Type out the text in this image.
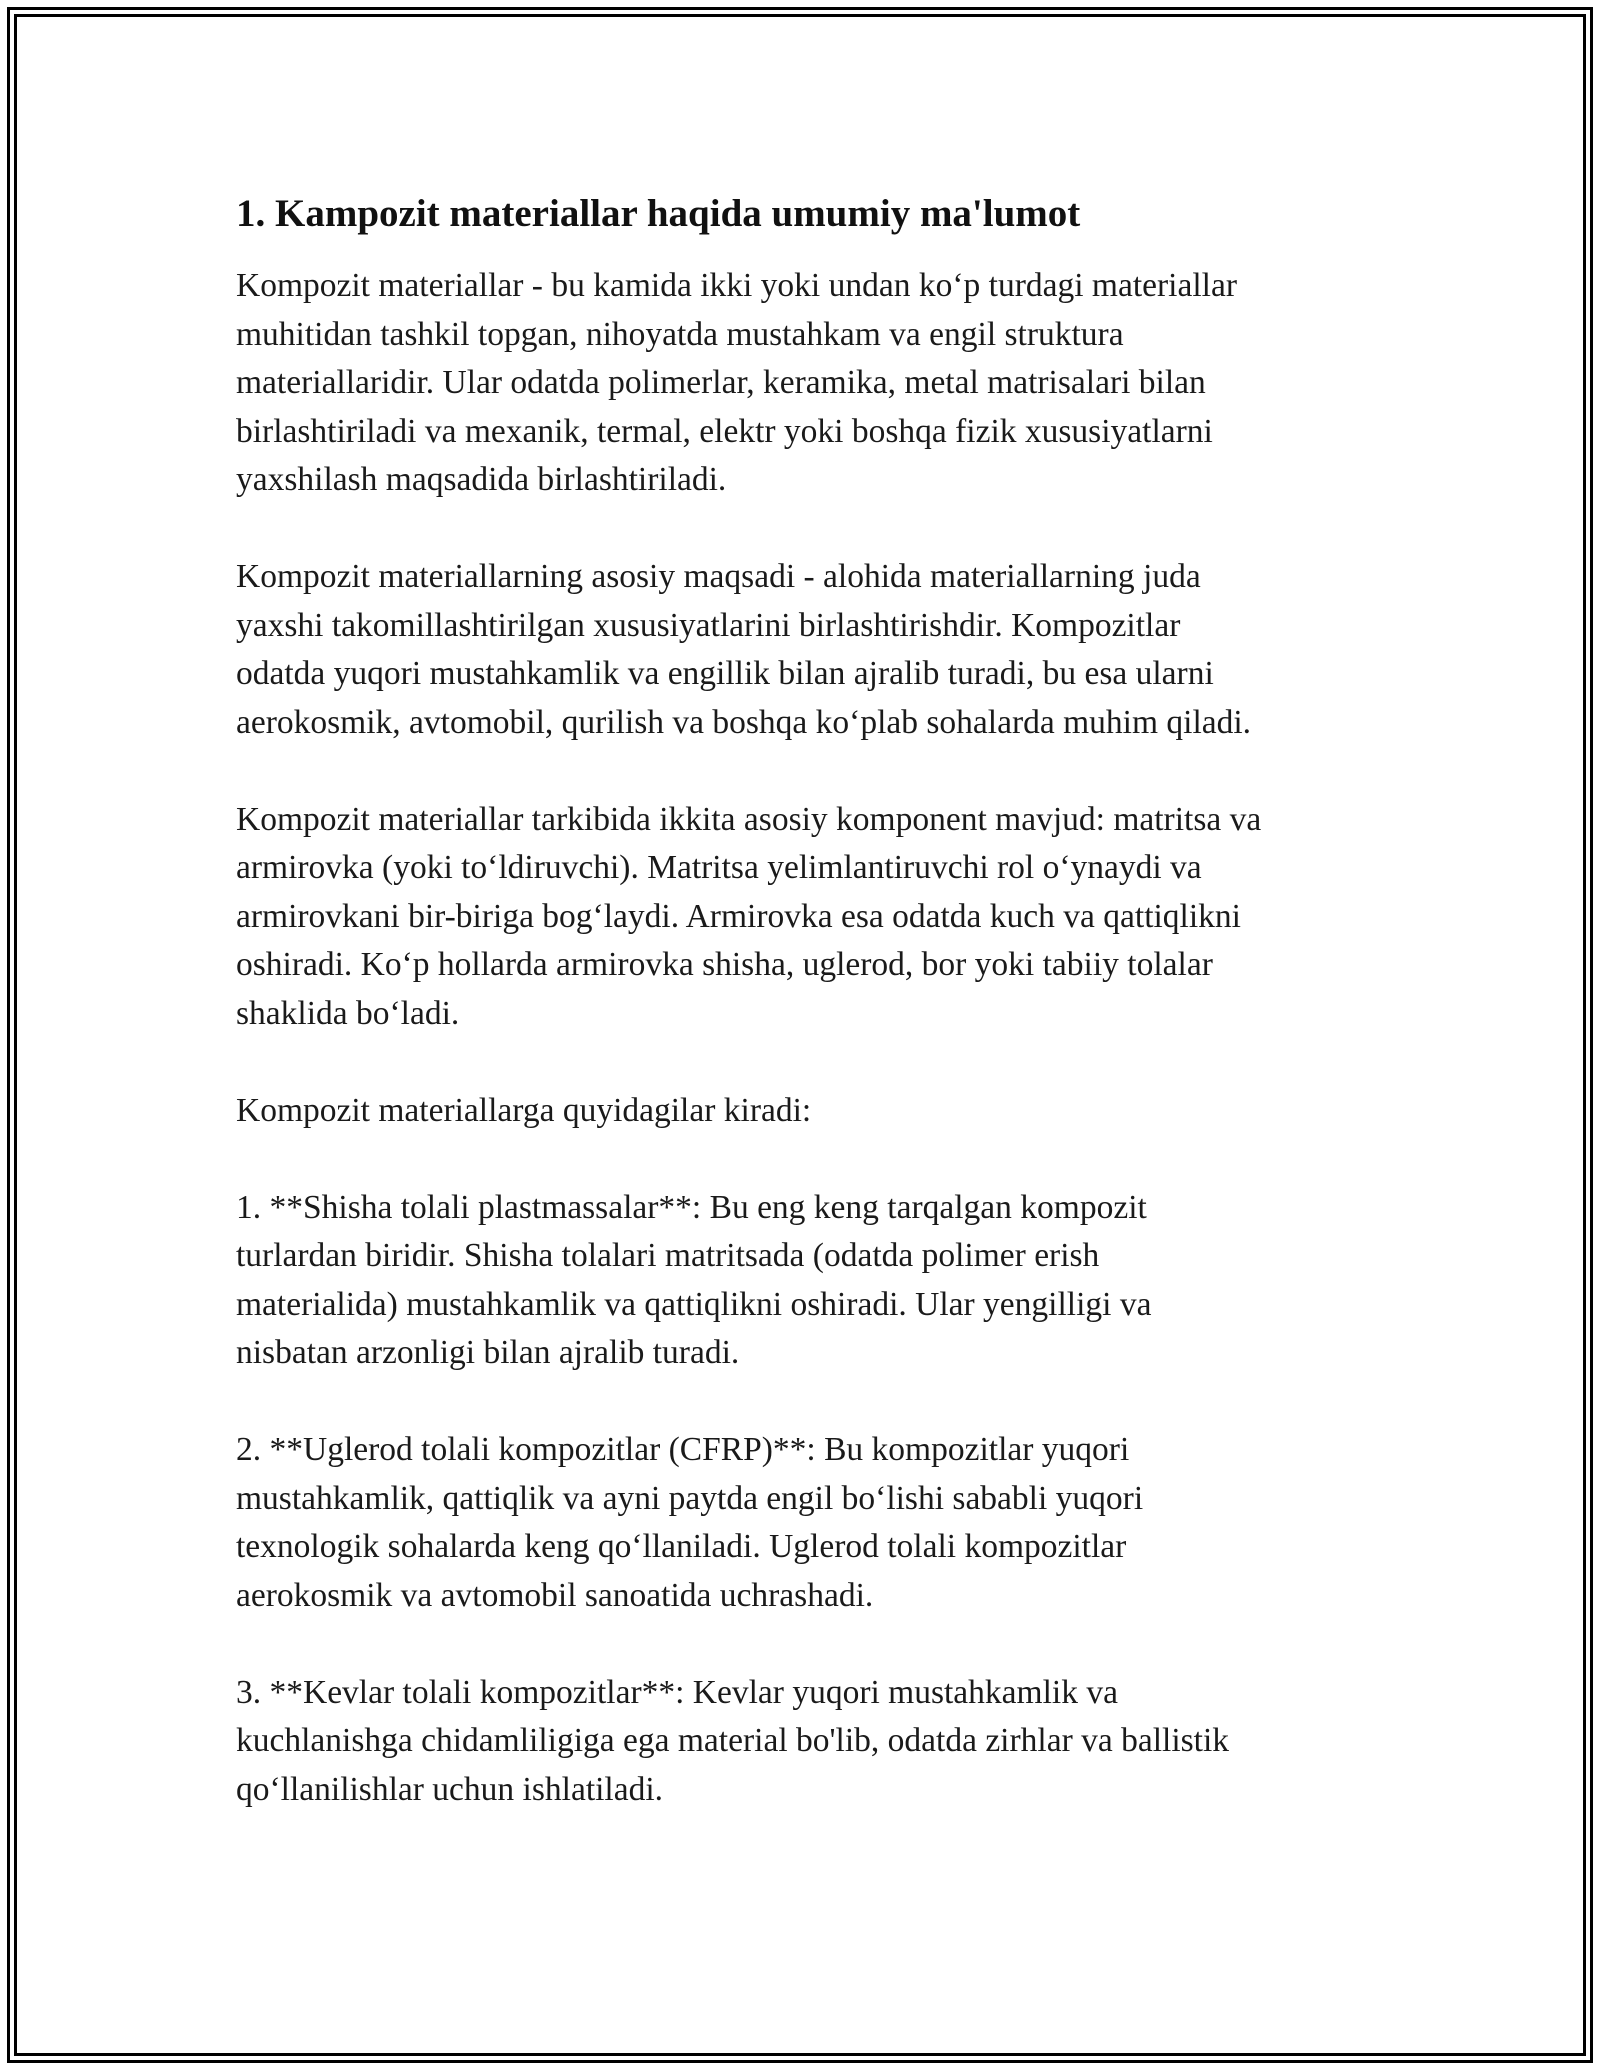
1. Kampozit materiallar haqida umumiy ma'lumot

Kompozit materiallar - bu kamida ikki yoki undan ko‘p turdagi materiallar
muhitidan tashkil topgan, nihoyatda mustahkam va engil struktura
materiallaridir. Ular odatda polimerlar, keramika, metal matrisalari bilan
birlashtiriladi va mexanik, termal, elektr yoki boshqa fizik xususiyatlarni
yaxshilash maqsadida birlashtiriladi.

Kompozit materiallarning asosiy maqsadi - alohida materiallarning juda
yaxshi takomillashtirilgan xususiyatlarini birlashtirishdir. Kompozitlar
odatda yuqori mustahkamlik va engillik bilan ajralib turadi, bu esa ularni
aerokosmik, avtomobil, qurilish va boshqa ko‘plab sohalarda muhim qiladi.

Kompozit materiallar tarkibida ikkita asosiy komponent mavjud: matritsa va
armirovka (yoki to‘ldiruvchi). Matritsa yelimlantiruvchi rol o‘ynaydi va
armirovkani bir-biriga bog‘laydi. Armirovka esa odatda kuch va qattiqlikni
oshiradi. Ko‘p hollarda armirovka shisha, uglerod, bor yoki tabiiy tolalar
shaklida bo‘ladi.

Kompozit materiallarga quyidagilar kiradi:

1. **Shisha tolali plastmassalar**: Bu eng keng tarqalgan kompozit
turlardan biridir. Shisha tolalari matritsada (odatda polimer erish
materialida) mustahkamlik va qattiqlikni oshiradi. Ular yengilligi va
nisbatan arzonligi bilan ajralib turadi.

2. **Uglerod tolali kompozitlar (CFRP)**: Bu kompozitlar yuqori
mustahkamlik, qattiqlik va ayni paytda engil bo‘lishi sababli yuqori
texnologik sohalarda keng qo‘llaniladi. Uglerod tolali kompozitlar
aerokosmik va avtomobil sanoatida uchrashadi.

3. **Kevlar tolali kompozitlar**: Kevlar yuqori mustahkamlik va
kuchlanishga chidamliligiga ega material bo'lib, odatda zirhlar va ballistik
qo‘llanilishlar uchun ishlatiladi.
